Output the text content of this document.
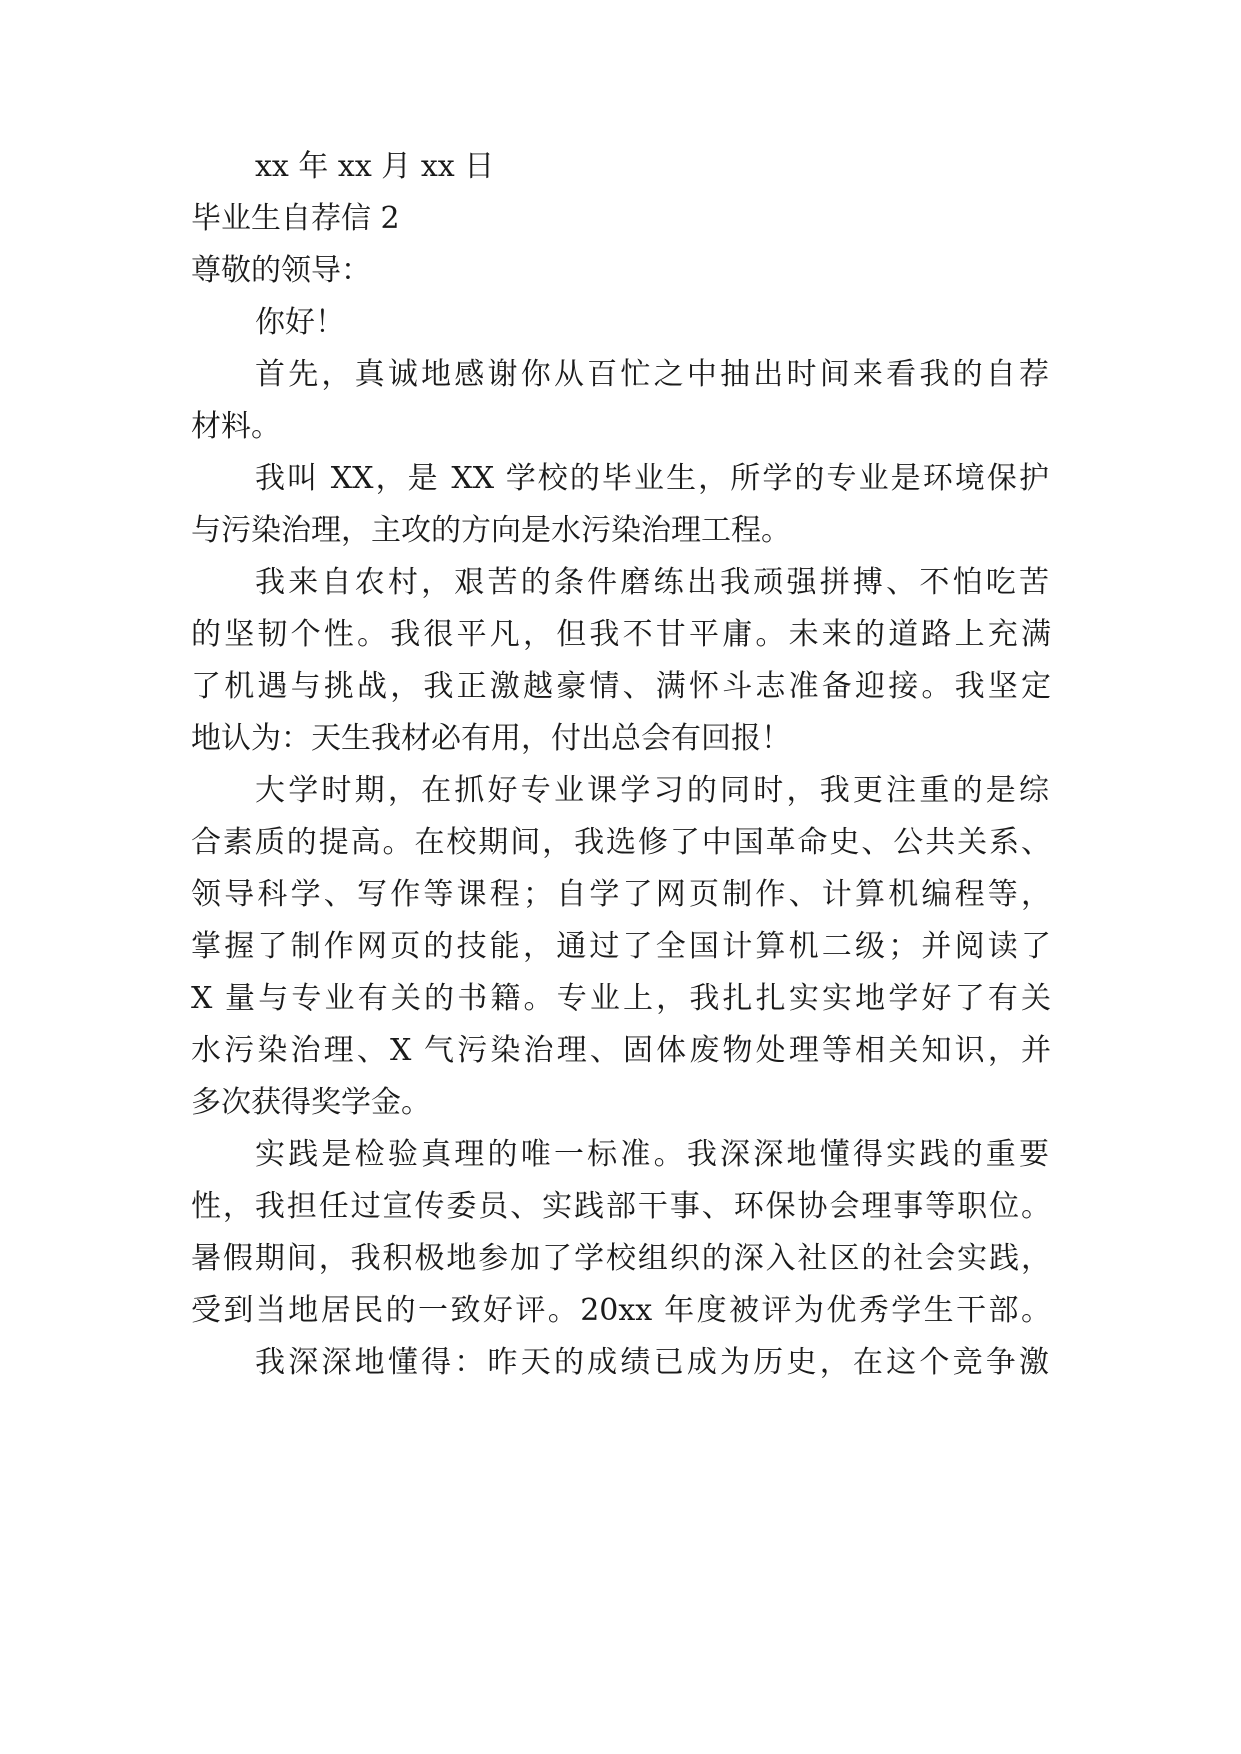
xx 年 xx 月 xx 日
毕业生自荐信 2
尊敬的领导：
你好！
首先，真诚地感谢你从百忙之中抽出时间来看我的自荐
材料。
我叫 XX，是 XX 学校的毕业生，所学的专业是环境保护
与污染治理，主攻的方向是水污染治理工程。
我来自农村，艰苦的条件磨练出我顽强拼搏、不怕吃苦
的坚韧个性。我很平凡，但我不甘平庸。未来的道路上充满
了机遇与挑战，我正激越豪情、满怀斗志准备迎接。我坚定
地认为：天生我材必有用，付出总会有回报！
大学时期，在抓好专业课学习的同时，我更注重的是综
合素质的提高。在校期间，我选修了中国革命史、公共关系、
领导科学、写作等课程；自学了网页制作、计算机编程等，
掌握了制作网页的技能，通过了全国计算机二级；并阅读了
X 量与专业有关的书籍。专业上，我扎扎实实地学好了有关
水污染治理、X 气污染治理、固体废物处理等相关知识，并
多次获得奖学金。
实践是检验真理的唯一标准。我深深地懂得实践的重要
性，我担任过宣传委员、实践部干事、环保协会理事等职位。
暑假期间，我积极地参加了学校组织的深入社区的社会实践，
受到当地居民的一致好评。20xx 年度被评为优秀学生干部。
我深深地懂得：昨天的成绩已成为历史，在这个竞争激
